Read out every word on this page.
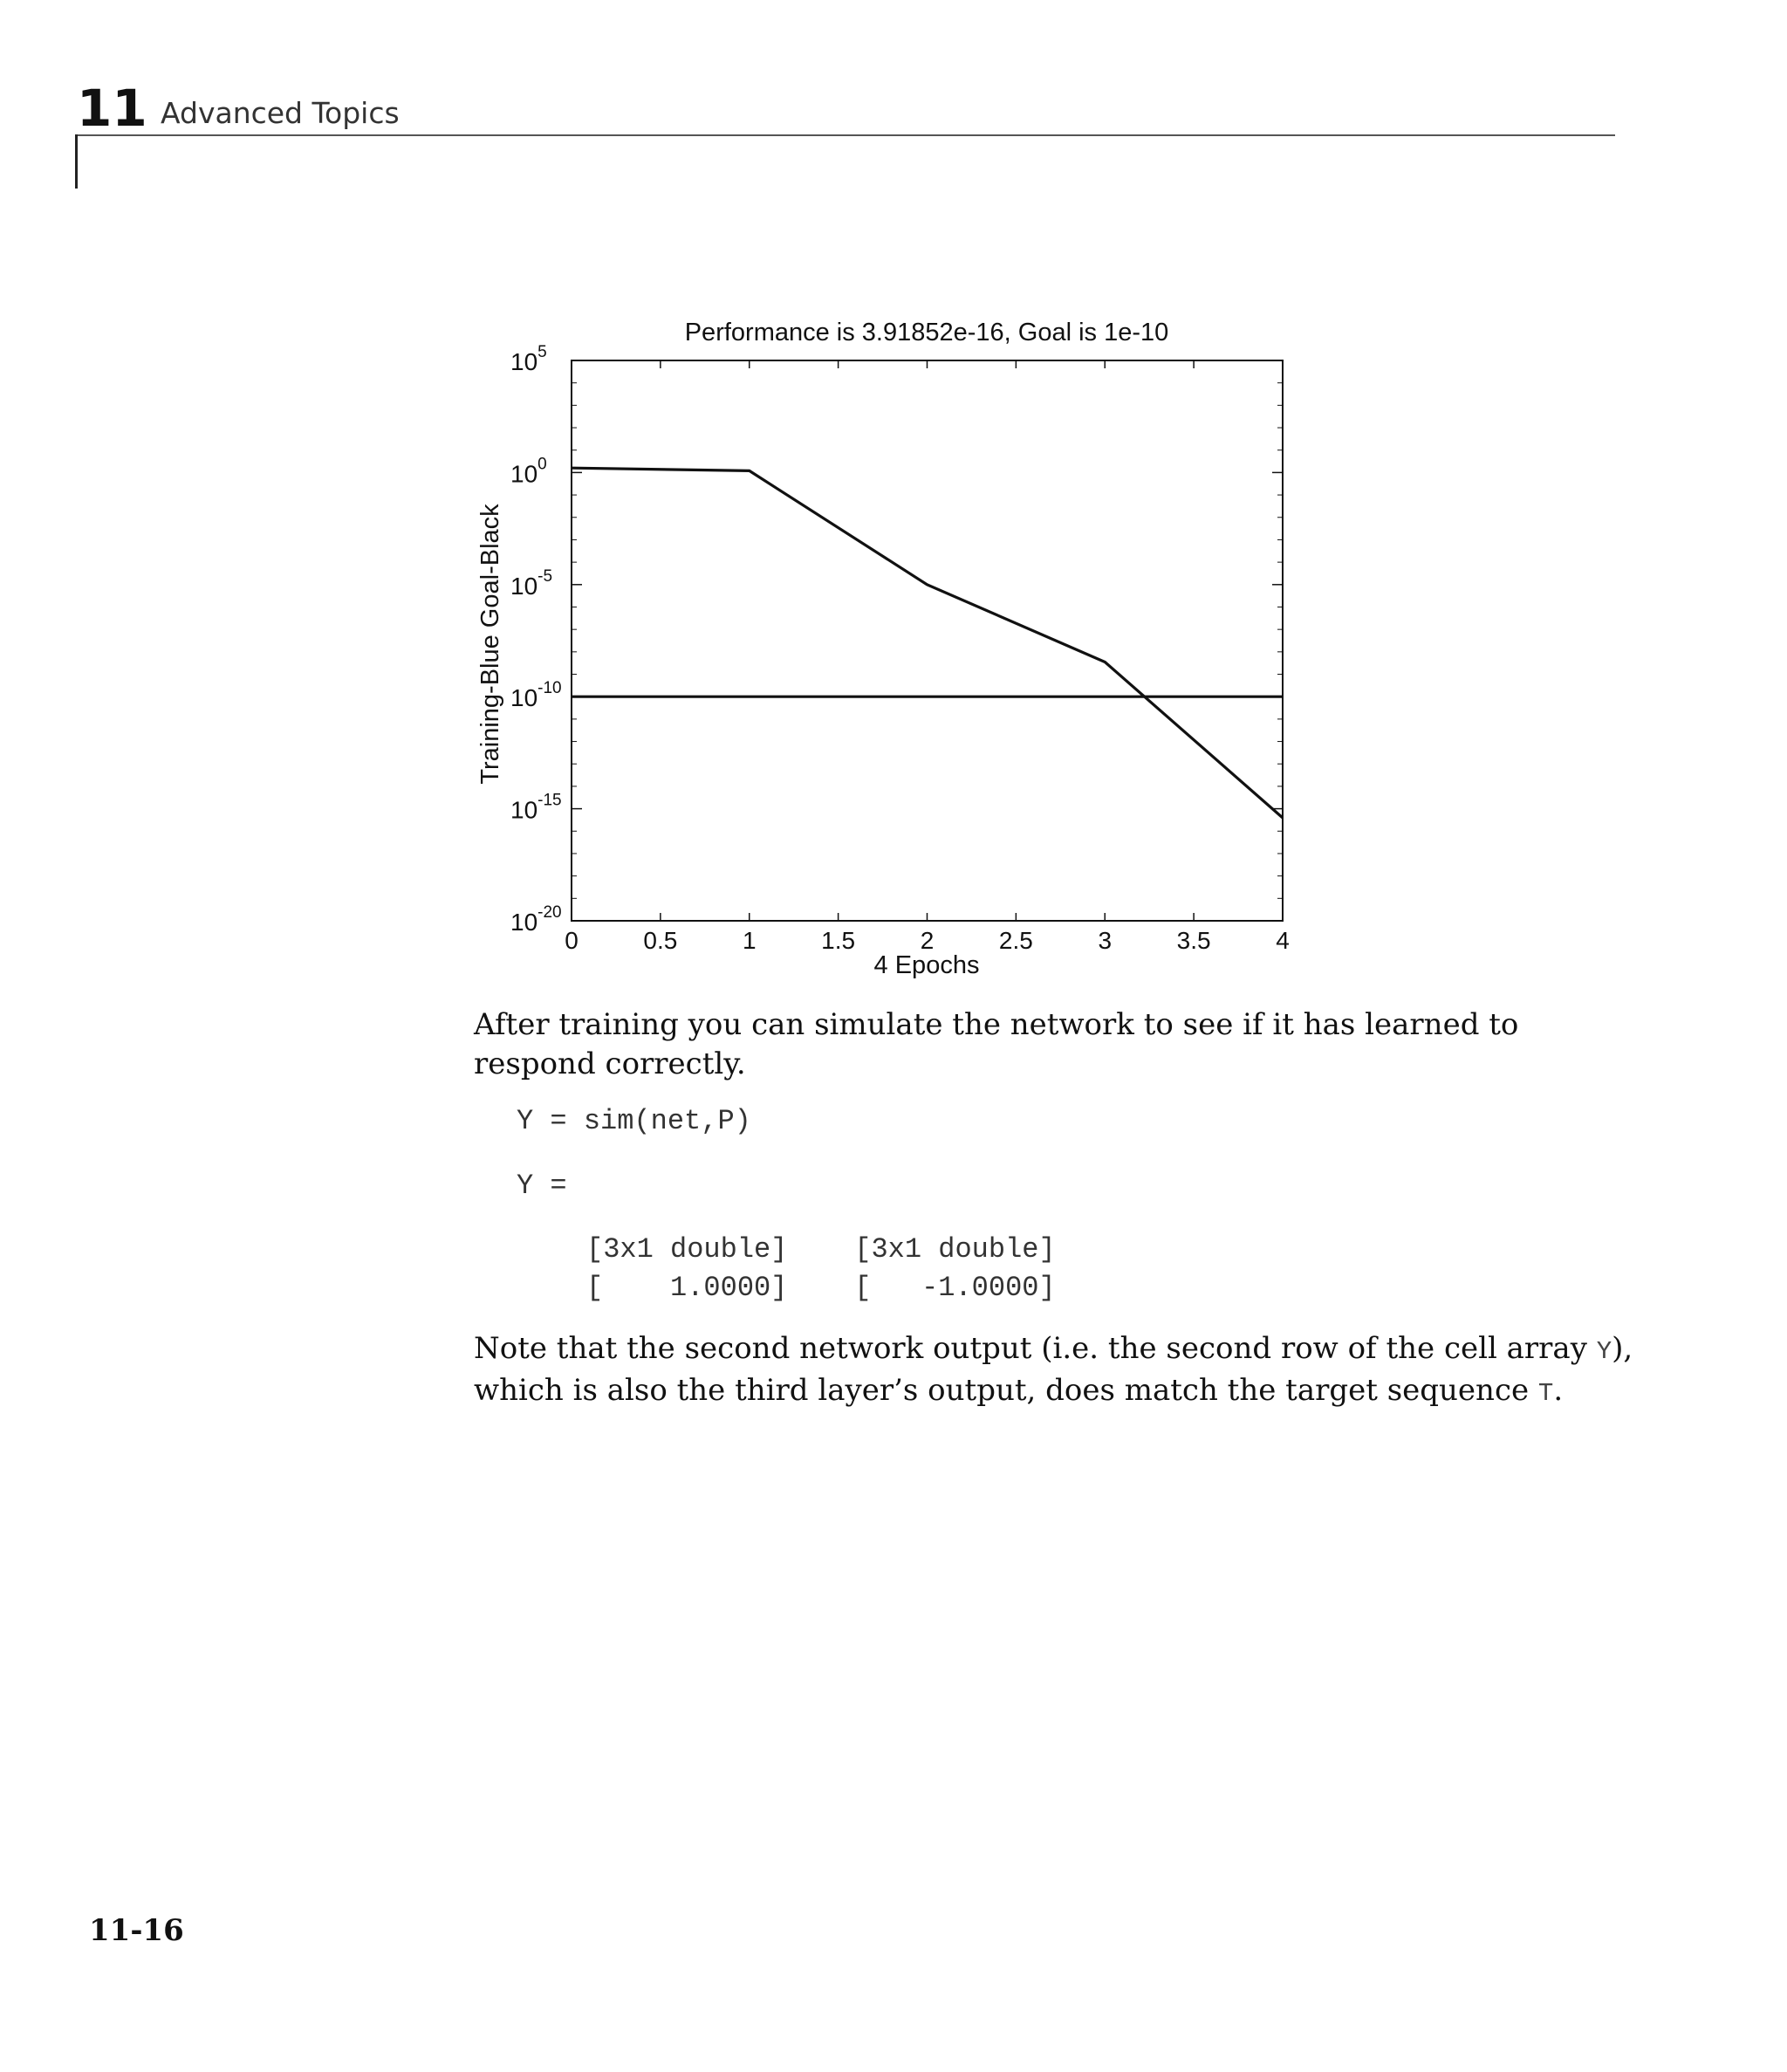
11 Advanced Topics
Performance is 3.91852e-16, Goal is 1e-10
Training-Blue Goal-Black
4 Epochs
0	0.5	1	1.5	2	2.5	3	3.5	4
$10^5$
$10^0$
$10^{-5}$
$10^{-10}$
$10^{-15}$
$10^{-20}$

After training you can simulate the network to see if it has learned to respond correctly.

Y = sim(net,P)
Y =
[3x1 double]    [3x1 double]
[    1.0000]    [   -1.0000]

Note that the second network output (i.e. the second row of the cell array Y), which is also the third layer’s output, does match the target sequence T.

11-16
